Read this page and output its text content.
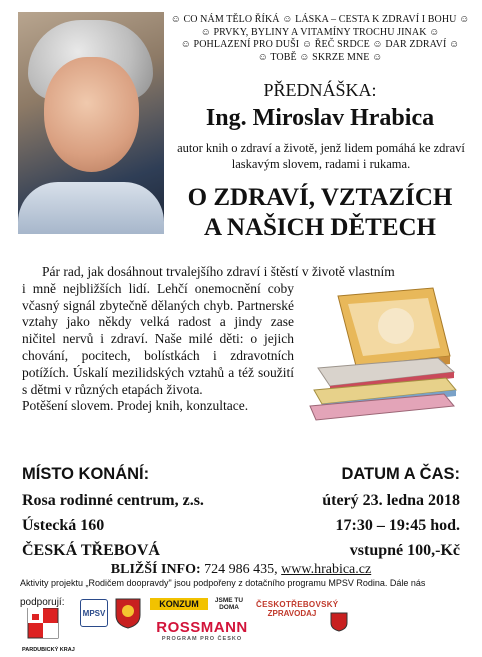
☺ CO NÁM TĚLO ŘÍKÁ ☺ LÁSKA – CESTA K ZDRAVÍ I BOHU ☺
☺ PRVKY, BYLINY A VITAMÍNY TROCHU JINAK ☺
☺ POHLAZENÍ PRO DUŠI ☺ ŘEČ SRDCE ☺ DAR ZDRAVÍ ☺
☺ TOBĚ ☺ SKRZE MNE ☺
PŘEDNÁŠKA:
Ing. Miroslav Hrabica
autor knih o zdraví a životě, jenž lidem pomáhá ke zdraví laskavým slovem, radami i rukama.
O ZDRAVÍ, VZTAZÍCH
A NAŠICH DĚTECH

Pár rad, jak dosáhnout trvalejšího zdraví i štěstí v životě vlastním

i mně nejbližších lidí. Lehčí onemocnění coby včasný signál zbytečně dělaných chyb. Partnerské vztahy jako někdy velká radost a jindy zase ničitel nervů i zdraví. Naše milé děti: o jejich chování, pocitech, bolístkách i zdravotních potížích. Úskalí mezilidských vztahů a též soužití s dětmi v různých etapách života.

Potěšení slovem. Prodej knih, konzultace.

MÍSTO KONÁNÍ:
Rosa rodinné centrum, z.s.
Ústecká 160
ČESKÁ TŘEBOVÁ
DATUM A ČAS:
úterý 23. ledna 2018
17:30 – 19:45 hod.
vstupné 100,-Kč
BLIŽŠÍ INFO: 724 986 435, www.hrabica.cz
Aktivity projektu „Rodičem doopravdy" jsou podpořeny z dotačního programu MPSV Rodina. Dále nás
podporují:
PARDUBICKÝ KRAJ
MPSV
KONZUM	JSME TU DOMA	ČESKOTŘEBOVSKÝ
ZPRAVODAJ
ROSSMANN
PROGRAM PRO ČESKO
